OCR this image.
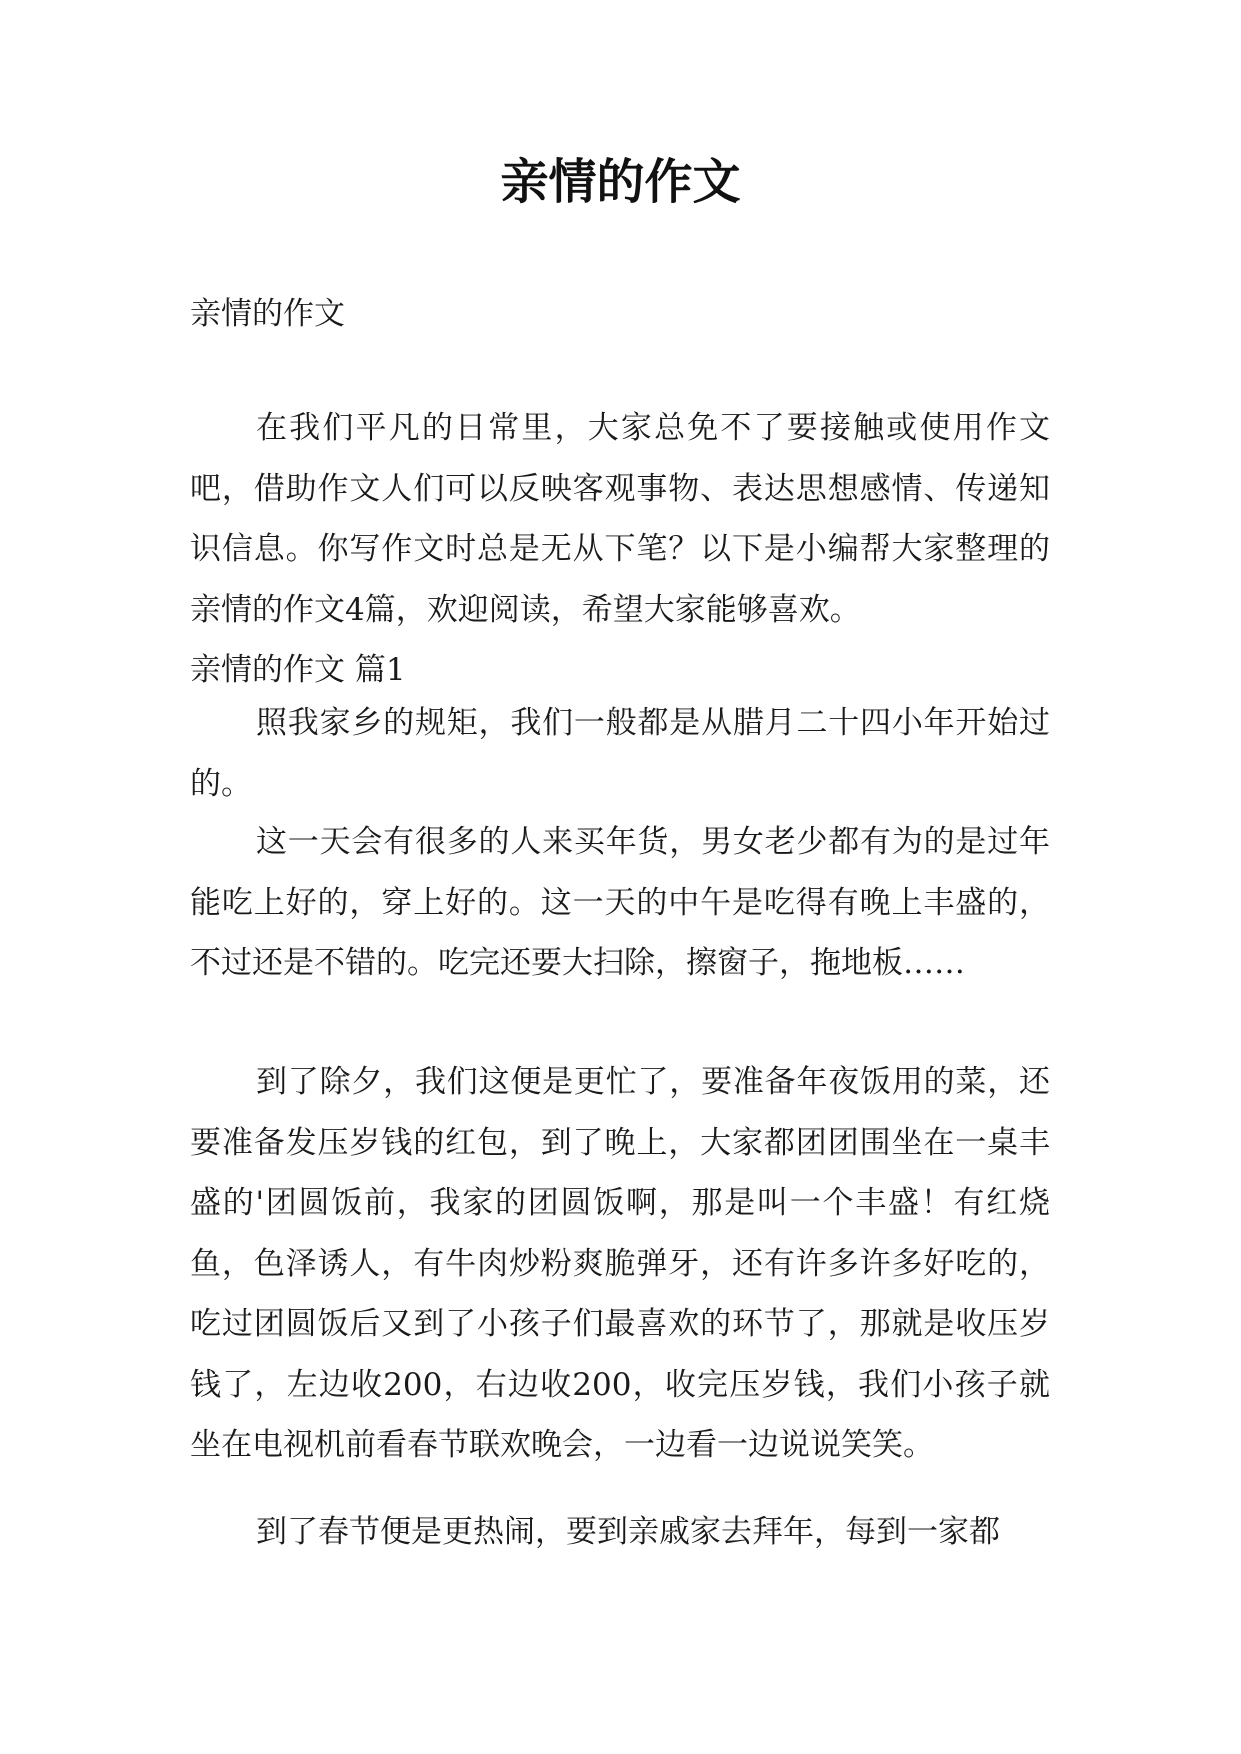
亲情的作文
亲情的作文

在我们平凡的日常里，大家总免不了要接触或使用作文吧，借助作文人们可以反映客观事物、表达思想感情、传递知识信息。你写作文时总是无从下笔？以下是小编帮大家整理的亲情的作文4篇，欢迎阅读，希望大家能够喜欢。

亲情的作文 篇1

照我家乡的规矩，我们一般都是从腊月二十四小年开始过的。

这一天会有很多的人来买年货，男女老少都有为的是过年能吃上好的，穿上好的。这一天的中午是吃得有晚上丰盛的，不过还是不错的。吃完还要大扫除，擦窗子，拖地板……

到了除夕，我们这便是更忙了，要准备年夜饭用的菜，还要准备发压岁钱的红包，到了晚上，大家都团团围坐在一桌丰盛的'团圆饭前，我家的团圆饭啊，那是叫一个丰盛！有红烧鱼，色泽诱人，有牛肉炒粉爽脆弹牙，还有许多许多好吃的，吃过团圆饭后又到了小孩子们最喜欢的环节了，那就是收压岁钱了，左边收200，右边收200，收完压岁钱，我们小孩子就坐在电视机前看春节联欢晚会，一边看一边说说笑笑。

到了春节便是更热闹，要到亲戚家去拜年，每到一家都
